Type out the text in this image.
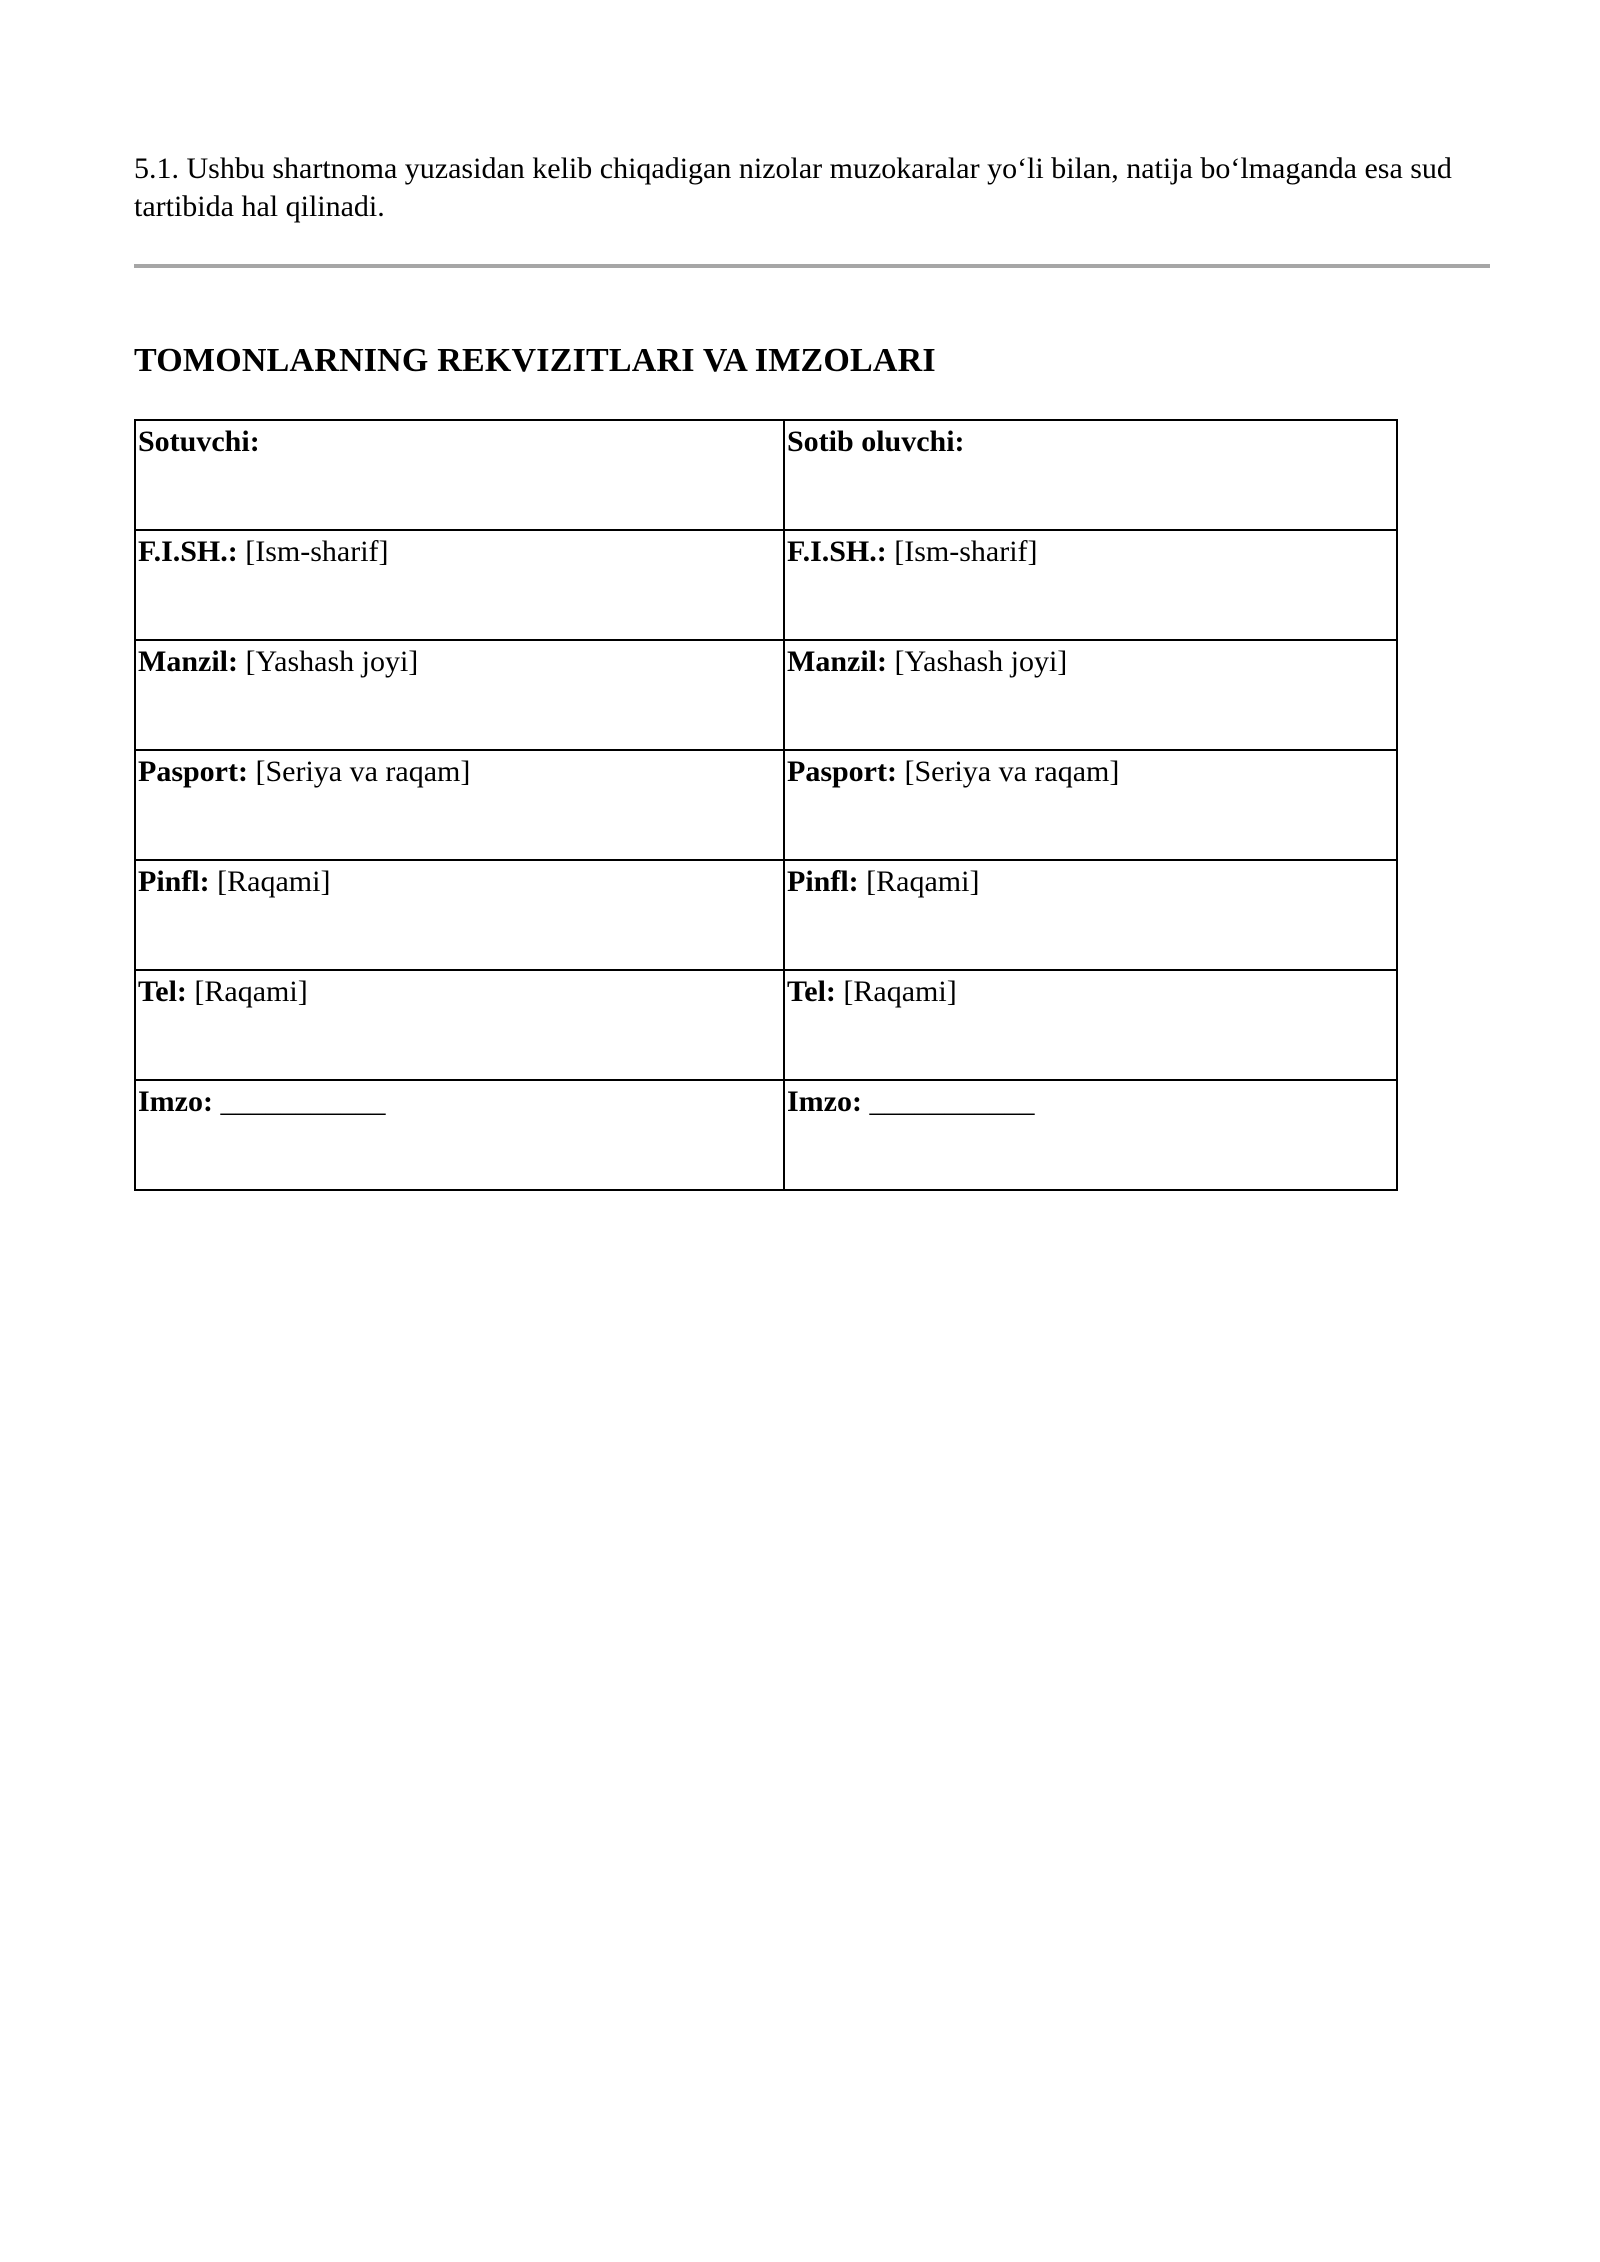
5.1. Ushbu shartnoma yuzasidan kelib chiqadigan nizolar muzokaralar yo‘li bilan, natija bo‘lmaganda esa sud tartibida hal qilinadi.

TOMONLARNING REKVIZITLARI VA IMZOLARI
Sotuvchi:	Sotib oluvchi:
F.I.SH.: [Ism-sharif]	F.I.SH.: [Ism-sharif]
Manzil: [Yashash joyi]	Manzil: [Yashash joyi]
Pasport: [Seriya va raqam]	Pasport: [Seriya va raqam]
Pinfl: [Raqami]	Pinfl: [Raqami]
Tel: [Raqami]	Tel: [Raqami]
Imzo: ___________	Imzo: ___________
